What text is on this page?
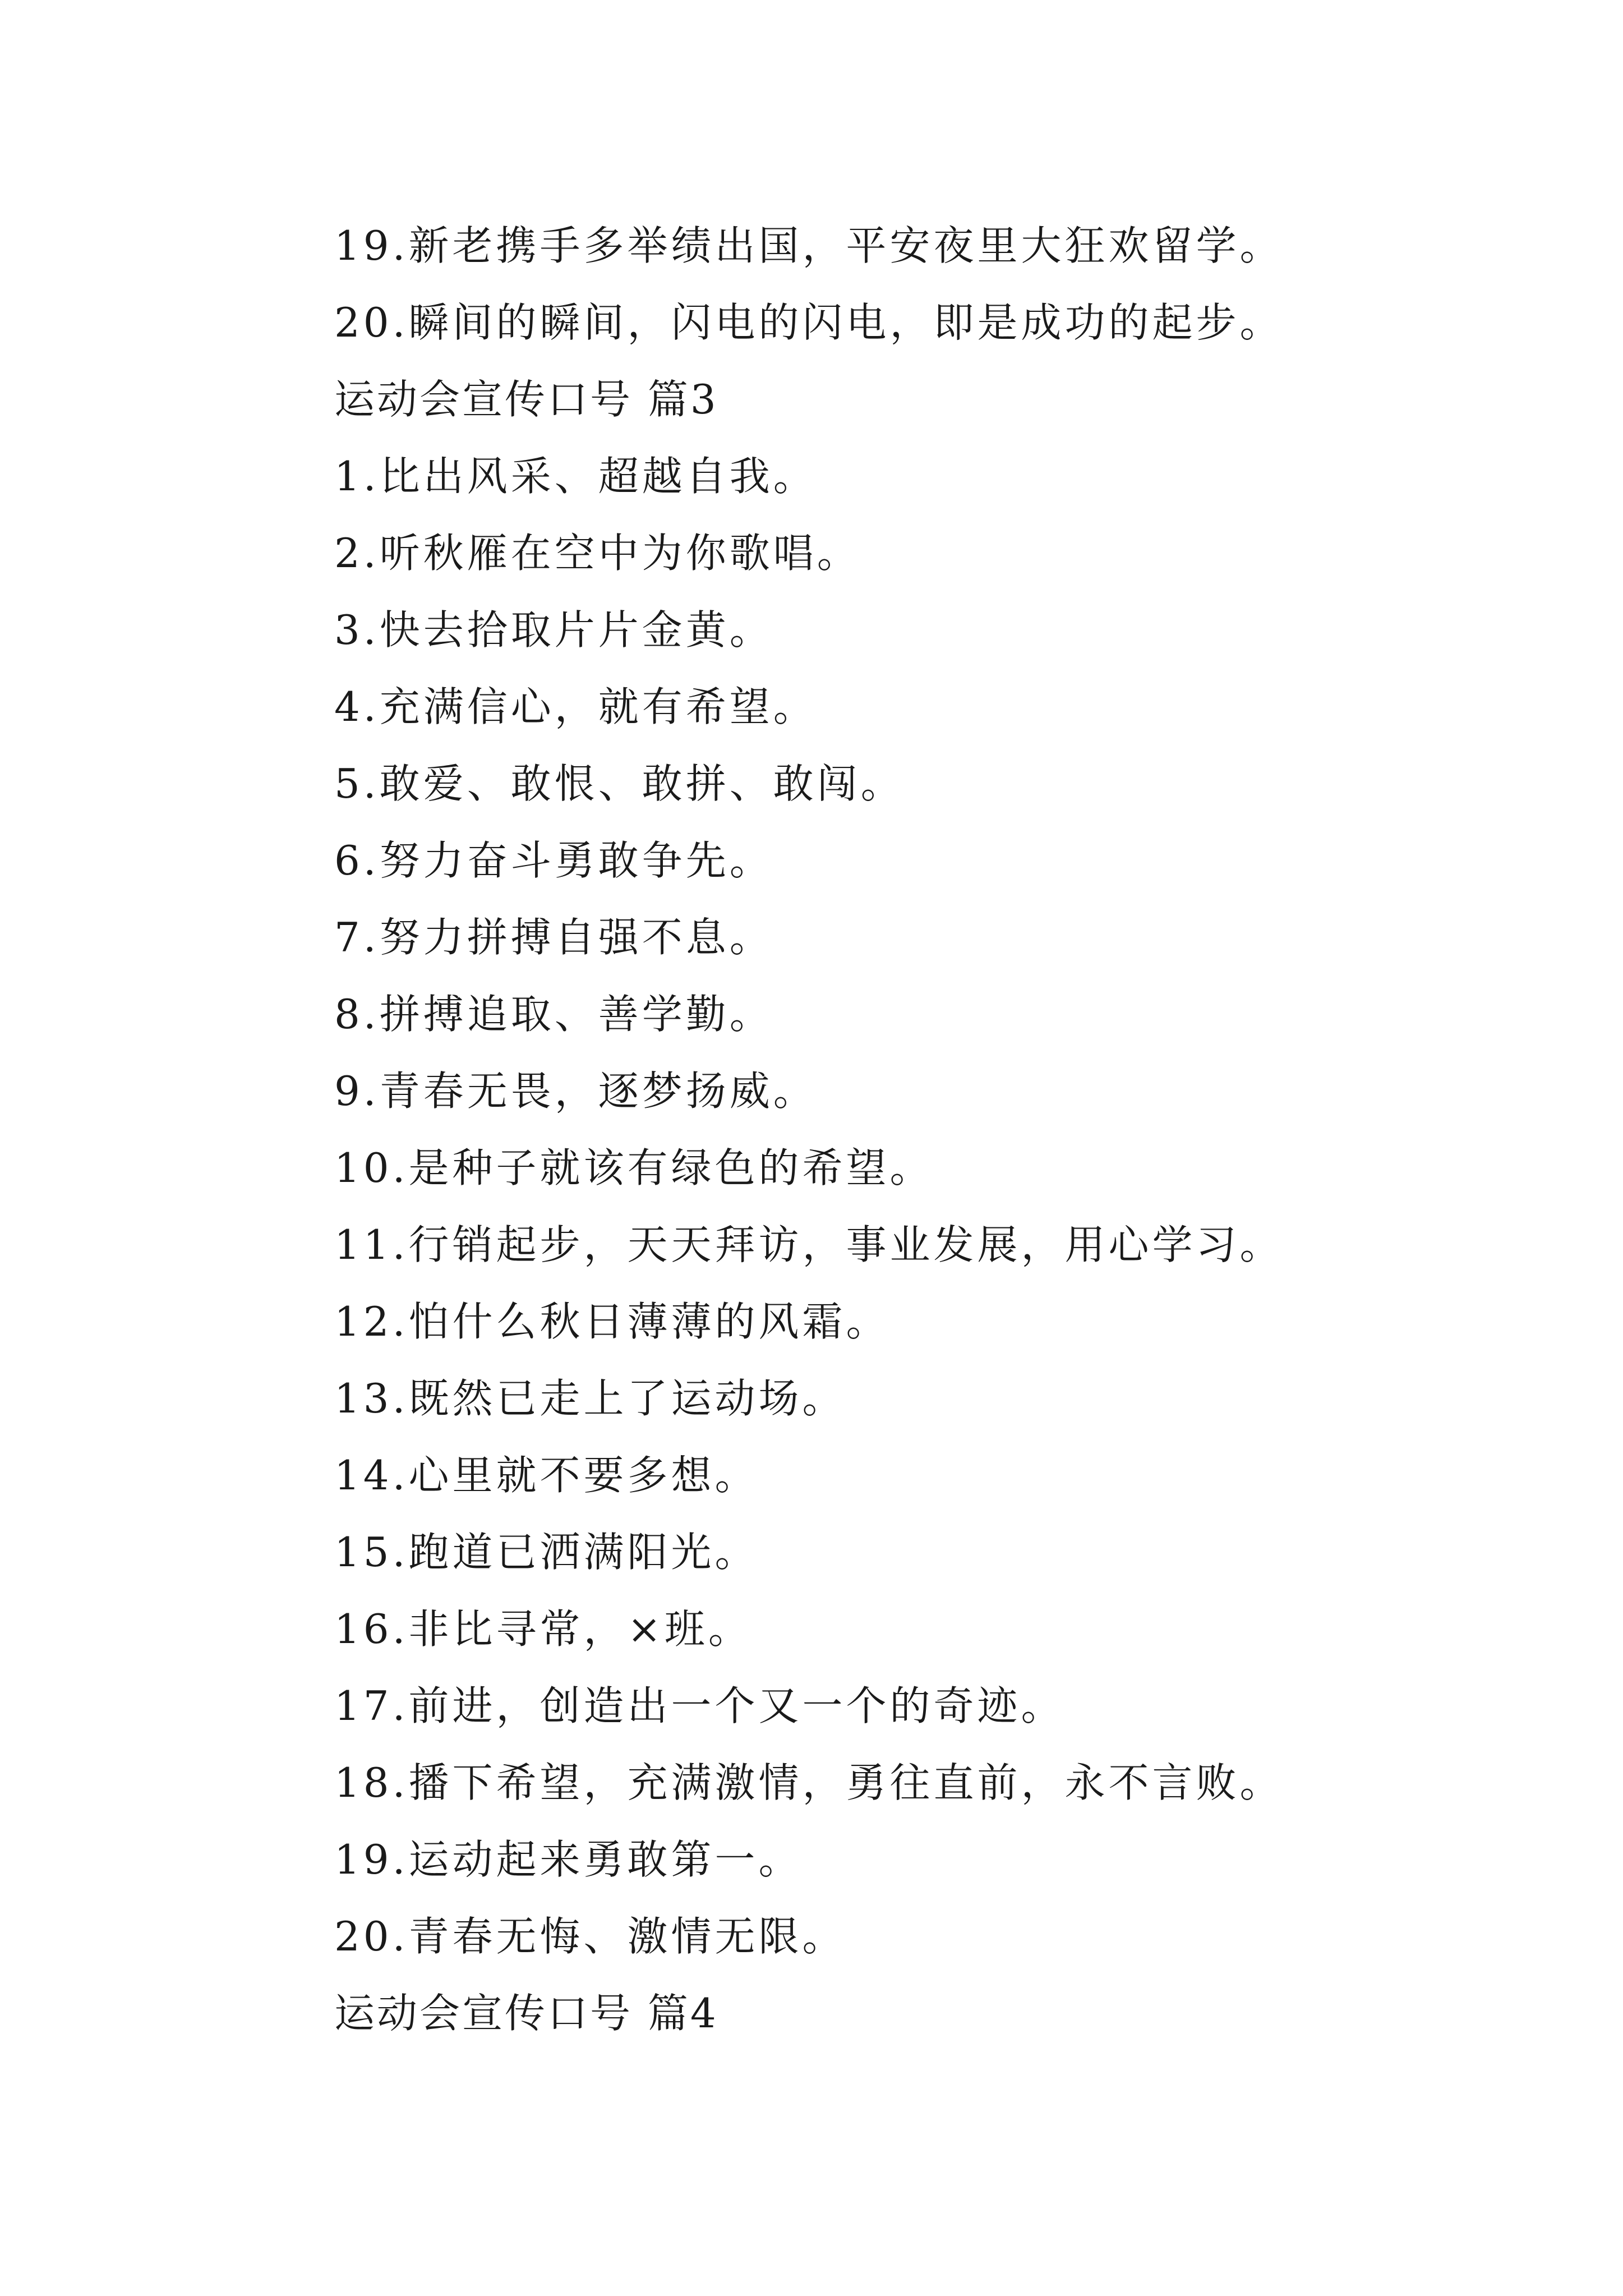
19.新老携手多举绩出国，平安夜里大狂欢留学。
20.瞬间的瞬间，闪电的闪电，即是成功的起步。
运动会宣传口号 篇3
1.比出风采、超越自我。
2.听秋雁在空中为你歌唱。
3.快去拾取片片金黄。
4.充满信心，就有希望。
5.敢爱、敢恨、敢拼、敢闯。
6.努力奋斗勇敢争先。
7.努力拼搏自强不息。
8.拼搏追取、善学勤。
9.青春无畏，逐梦扬威。
10.是种子就该有绿色的希望。
11.行销起步，天天拜访，事业发展，用心学习。
12.怕什么秋日薄薄的风霜。
13.既然已走上了运动场。
14.心里就不要多想。
15.跑道已洒满阳光。
16.非比寻常，×班。
17.前进，创造出一个又一个的奇迹。
18.播下希望，充满激情，勇往直前，永不言败。
19.运动起来勇敢第一。
20.青春无悔、激情无限。
运动会宣传口号 篇4
